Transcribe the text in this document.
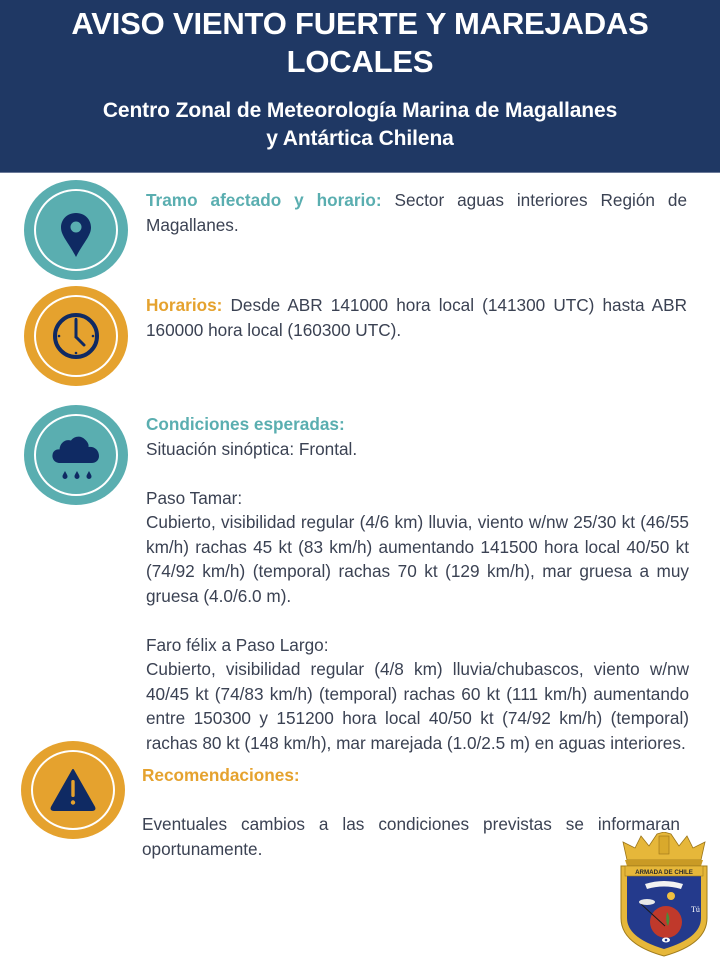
AVISO VIENTO FUERTE Y MAREJADAS LOCALES
Centro Zonal de Meteorología Marina de Magallanes
y Antártica Chilena

Tramo afectado y horario: Sector aguas interiores Región de Magallanes.

Horarios: Desde ABR 141000 hora local (141300 UTC) hasta ABR 160000 hora local (160300 UTC).

Condiciones esperadas:

Situación sinóptica: Frontal.

Paso Tamar:

Cubierto, visibilidad regular (4/6 km) lluvia, viento w/nw 25/30 kt (46/55 km/h) rachas 45 kt (83 km/h) aumentando 141500 hora local 40/50 kt (74/92 km/h) (temporal) rachas 70 kt (129 km/h), mar gruesa a muy gruesa (4.0/6.0 m).

Faro félix a Paso Largo:

Cubierto, visibilidad regular (4/8 km) lluvia/chubascos, viento w/nw 40/45 kt (74/83 km/h) (temporal) rachas 60 kt (111 km/h) aumentando entre 150300 y 151200 hora local 40/50 kt (74/92 km/h) (temporal) rachas 80 kt (148 km/h), mar marejada (1.0/2.5 m) en aguas interiores.

Recomendaciones:

Eventuales cambios a las condiciones previstas se informaran oportunamente.

ARMADA DE CHILE
Tü
